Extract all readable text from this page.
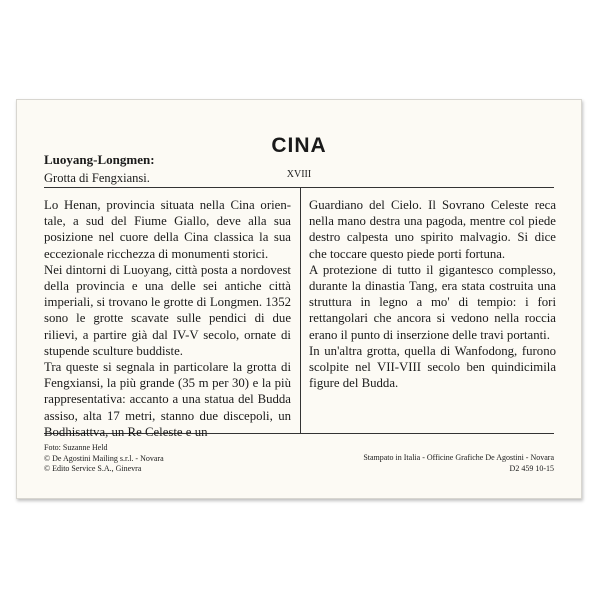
CINA
XVIII
Luoyang-Longmen:
Grotta di Fengxiansi.

Lo Henan, provincia situata nella Cina orientale, a sud del Fiume Giallo, deve alla sua posizione nel cuore della Cina classica la sua eccezionale ricchezza di monumenti storici.

Nei dintorni di Luoyang, città posta a nordovest della provincia e una delle sei antiche città imperiali, si trovano le grotte di Longmen. 1352 sono le grotte scavate sulle pendici di due rilievi, a partire già dal IV-V secolo, ornate di stupende sculture buddiste.

Tra queste si segnala in particolare la grotta di Fengxiansi, la più grande (35 m per 30) e la più rappresentativa: accanto a una statua del Budda assiso, alta 17 metri, stanno due discepoli, un Bodhisattva, un Re Celeste e un

Guardiano del Cielo. Il Sovrano Celeste reca nella mano destra una pagoda, mentre col piede destro calpesta uno spirito malvagio. Si dice che toccare questo piede porti fortuna.

A protezione di tutto il gigantesco complesso, durante la dinastia Tang, era stata costruita una struttura in legno a mo' di tempio: i fori rettangolari che ancora si vedono nella roccia erano il punto di inserzione delle travi portanti.

In un'altra grotta, quella di Wanfodong, furono scolpite nel VII-VIII secolo ben quindicimila figure del Budda.

Foto: Suzanne Held
© De Agostini Mailing s.r.l. - Novara
© Edito Service S.A., Ginevra
Stampato in Italia - Officine Grafiche De Agostini - Novara
D2 459 10-15
